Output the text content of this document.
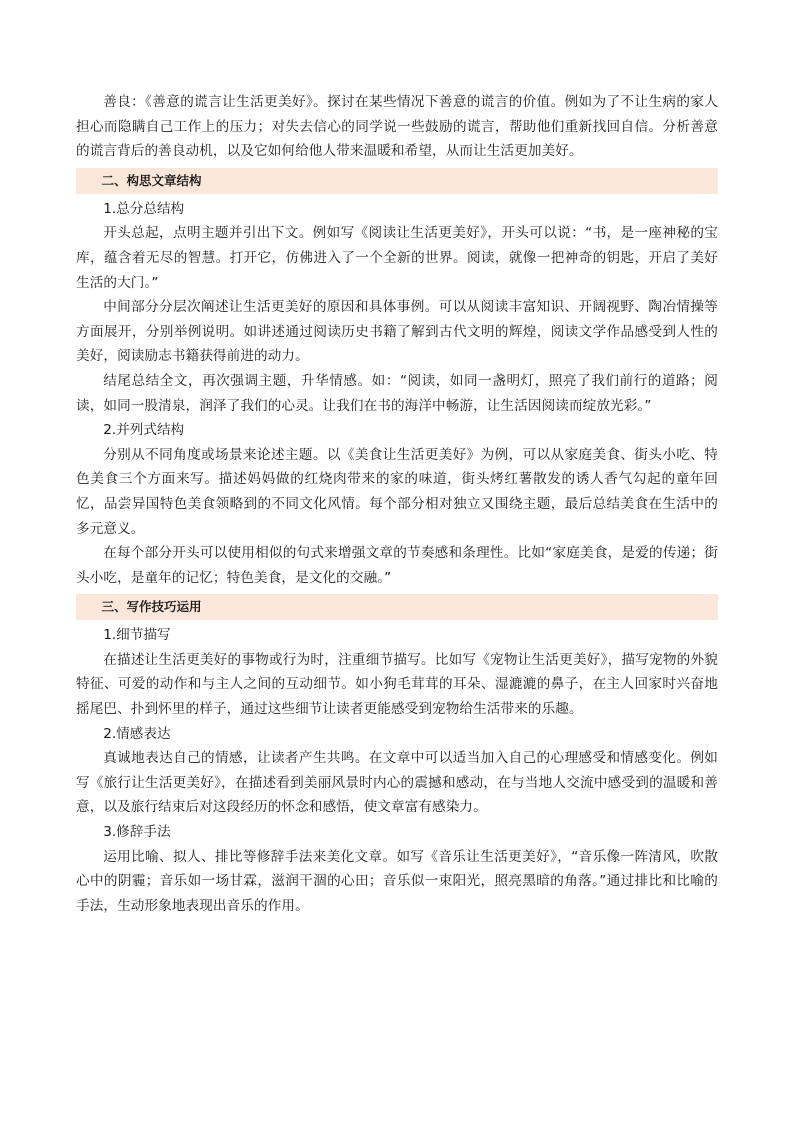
善良：《善意的谎言让生活更美好》。探讨在某些情况下善意的谎言的价值。例如为了不让生病的家人担心而隐瞒自己工作上的压力；对失去信心的同学说一些鼓励的谎言，帮助他们重新找回自信。分析善意的谎言背后的善良动机，以及它如何给他人带来温暖和希望，从而让生活更加美好。

二、构思文章结构

1.总分总结构

开头总起，点明主题并引出下文。例如写《阅读让生活更美好》，开头可以说：“书，是一座神秘的宝库，蕴含着无尽的智慧。打开它，仿佛进入了一个全新的世界。阅读，就像一把神奇的钥匙，开启了美好生活的大门。”

中间部分分层次阐述让生活更美好的原因和具体事例。可以从阅读丰富知识、开阔视野、陶冶情操等方面展开，分别举例说明。如讲述通过阅读历史书籍了解到古代文明的辉煌，阅读文学作品感受到人性的美好，阅读励志书籍获得前进的动力。

结尾总结全文，再次强调主题，升华情感。如：“阅读，如同一盏明灯，照亮了我们前行的道路；阅读，如同一股清泉，润泽了我们的心灵。让我们在书的海洋中畅游，让生活因阅读而绽放光彩。”

2.并列式结构

分别从不同角度或场景来论述主题。以《美食让生活更美好》为例，可以从家庭美食、街头小吃、特色美食三个方面来写。描述妈妈做的红烧肉带来的家的味道，街头烤红薯散发的诱人香气勾起的童年回忆，品尝异国特色美食领略到的不同文化风情。每个部分相对独立又围绕主题，最后总结美食在生活中的多元意义。

在每个部分开头可以使用相似的句式来增强文章的节奏感和条理性。比如“家庭美食，是爱的传递；街头小吃，是童年的记忆；特色美食，是文化的交融。”

三、写作技巧运用

1.细节描写

在描述让生活更美好的事物或行为时，注重细节描写。比如写《宠物让生活更美好》，描写宠物的外貌特征、可爱的动作和与主人之间的互动细节。如小狗毛茸茸的耳朵、湿漉漉的鼻子，在主人回家时兴奋地摇尾巴、扑到怀里的样子，通过这些细节让读者更能感受到宠物给生活带来的乐趣。

2.情感表达

真诚地表达自己的情感，让读者产生共鸣。在文章中可以适当加入自己的心理感受和情感变化。例如写《旅行让生活更美好》，在描述看到美丽风景时内心的震撼和感动，在与当地人交流中感受到的温暖和善意，以及旅行结束后对这段经历的怀念和感悟，使文章富有感染力。

3.修辞手法

运用比喻、拟人、排比等修辞手法来美化文章。如写《音乐让生活更美好》，“音乐像一阵清风，吹散心中的阴霾；音乐如一场甘霖，滋润干涸的心田；音乐似一束阳光，照亮黑暗的角落。”通过排比和比喻的手法，生动形象地表现出音乐的作用。
